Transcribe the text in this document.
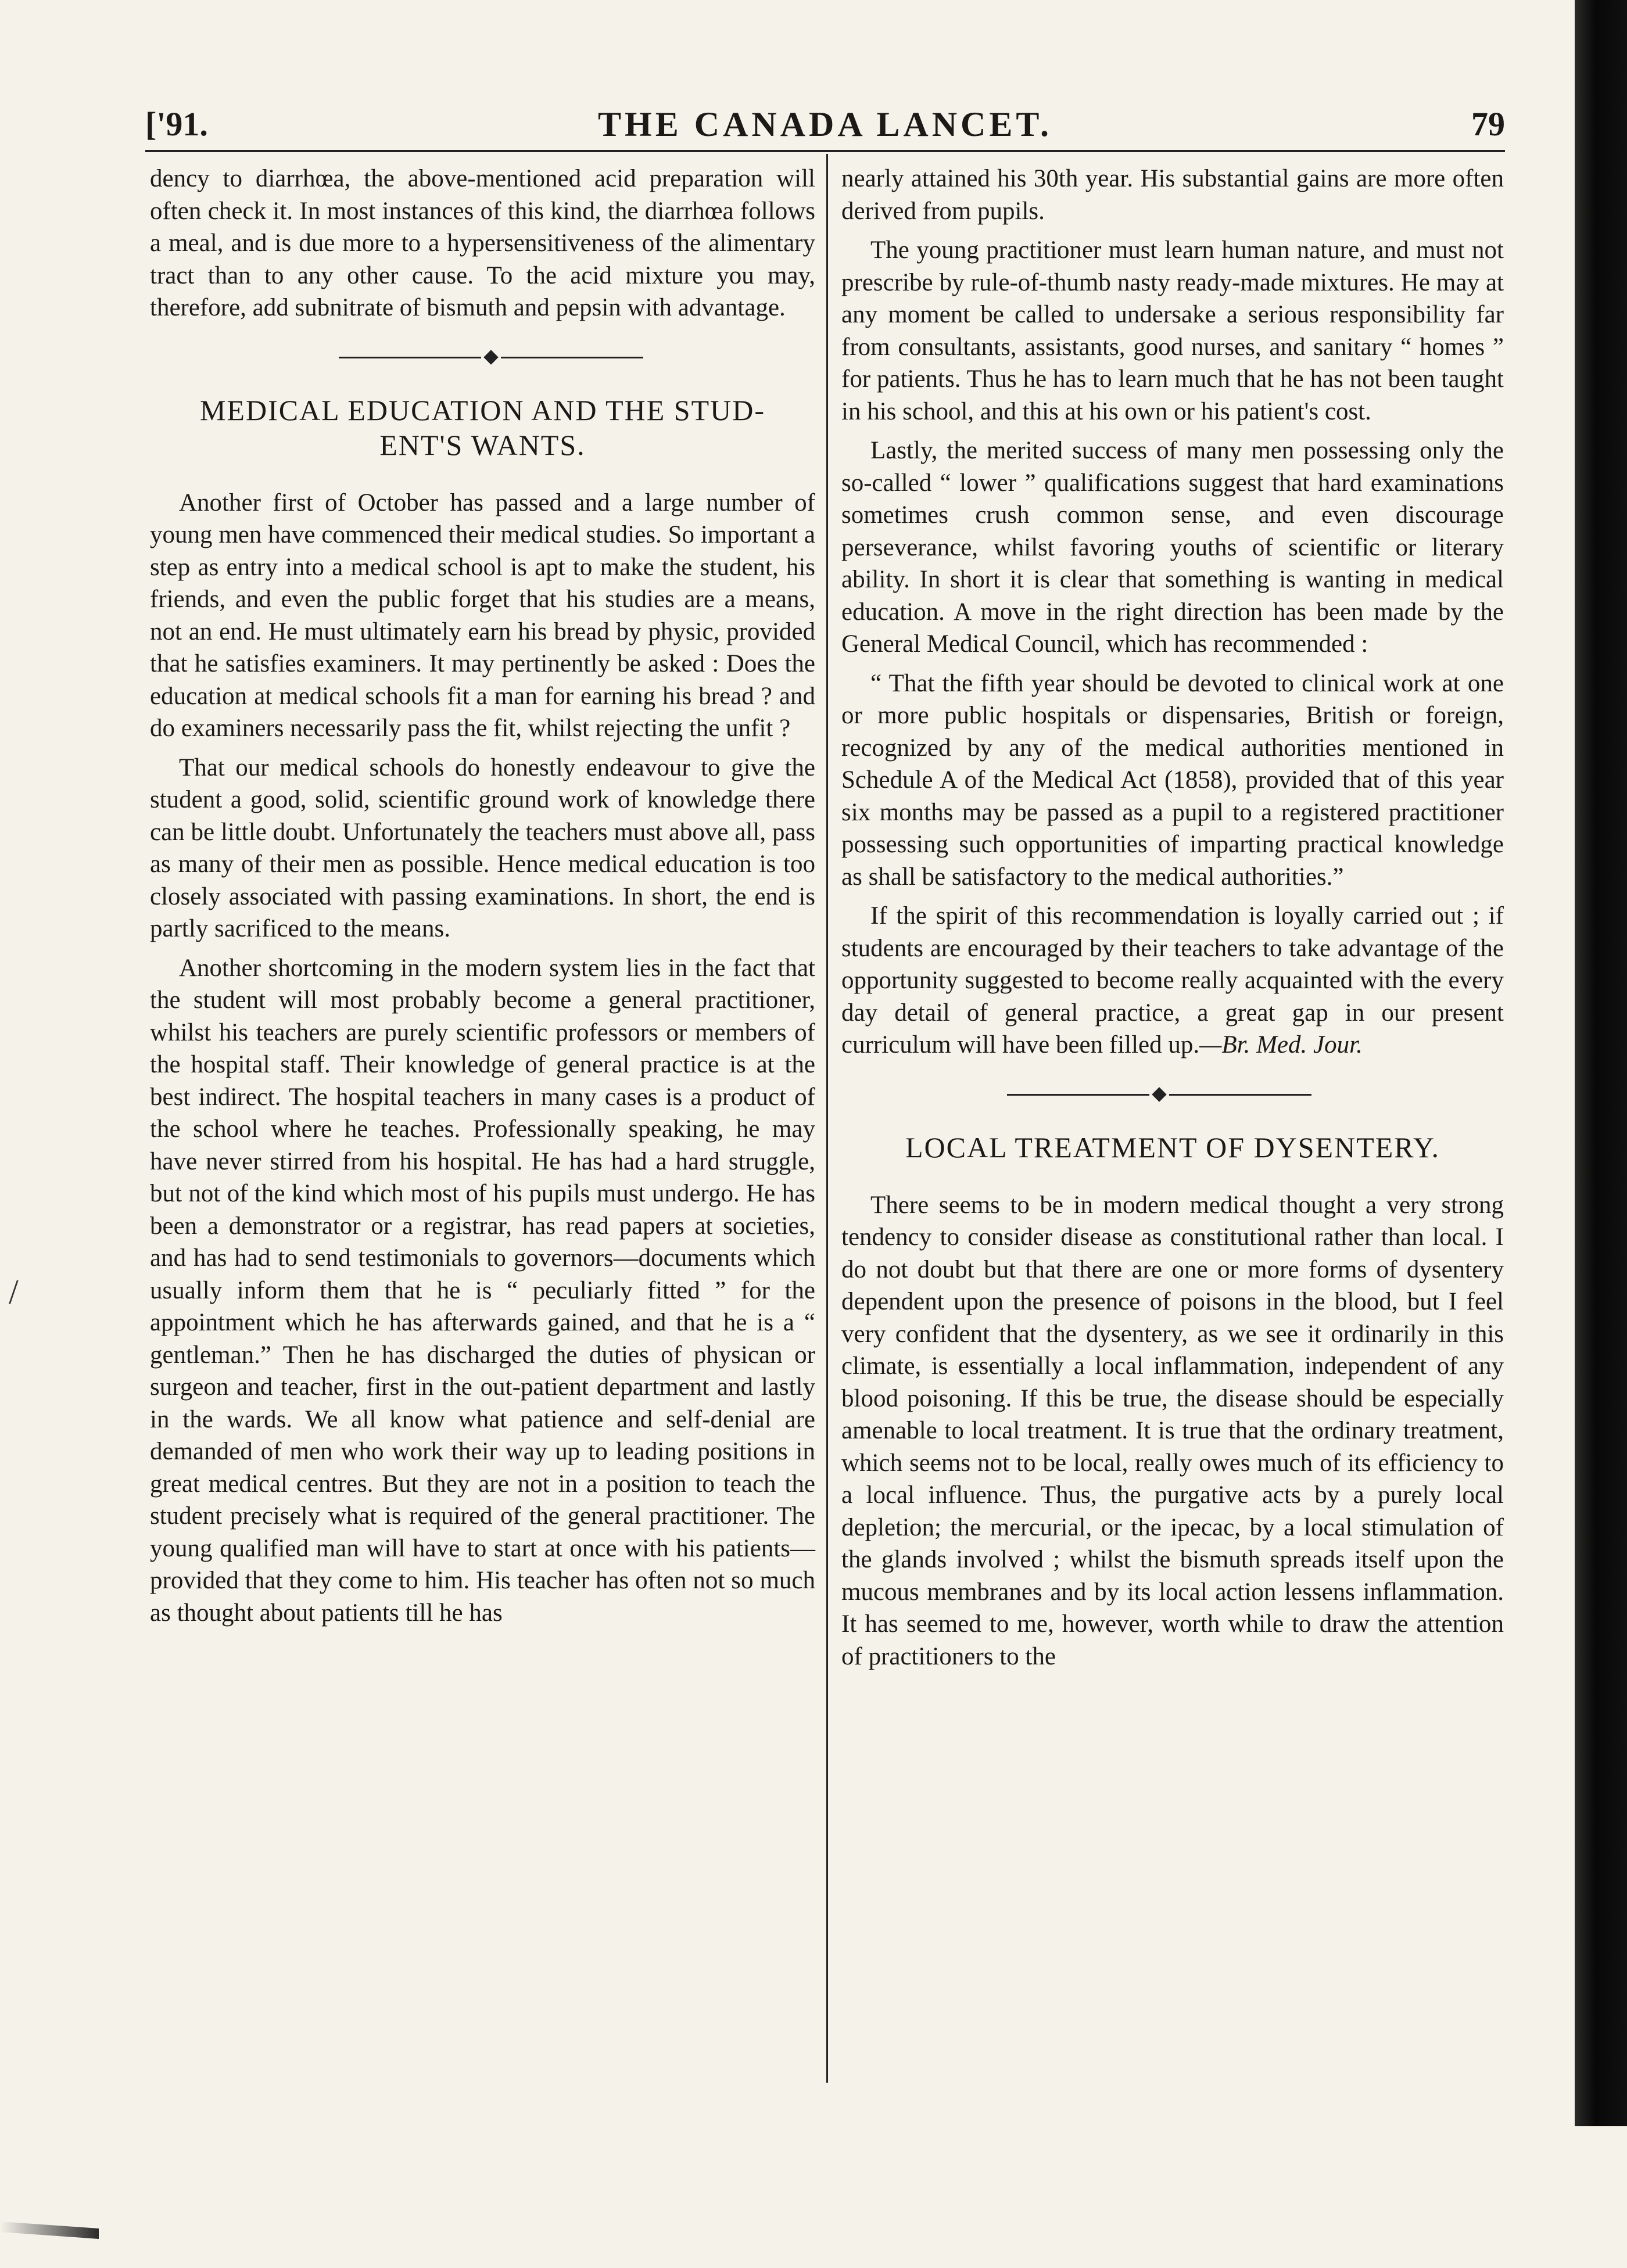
['91.	THE CANADA LANCET.	79

dency to diarrhœa, the above-mentioned acid preparation will often check it. In most instances of this kind, the diarrhœa follows a meal, and is due more to a hypersensitiveness of the alimentary tract than to any other cause. To the acid mixture you may, therefore, add subnitrate of bismuth and pepsin with advantage.

MEDICAL EDUCATION AND THE STUD-
ENT'S WANTS.

Another first of October has passed and a large number of young men have commenced their medical studies. So important a step as entry into a medical school is apt to make the student, his friends, and even the public forget that his studies are a means, not an end. He must ultimately earn his bread by physic, provided that he satisfies examiners. It may pertinently be asked : Does the education at medical schools fit a man for earning his bread ? and do examiners necessarily pass the fit, whilst rejecting the unfit ?

That our medical schools do honestly endeavour to give the student a good, solid, scientific ground work of knowledge there can be little doubt. Unfortunately the teachers must above all, pass as many of their men as possible. Hence medical education is too closely associated with passing examinations. In short, the end is partly sacrificed to the means.

Another shortcoming in the modern system lies in the fact that the student will most probably become a general practitioner, whilst his teachers are purely scientific professors or members of the hospital staff. Their knowledge of general practice is at the best indirect. The hospital teachers in many cases is a product of the school where he teaches. Professionally speaking, he may have never stirred from his hospital. He has had a hard struggle, but not of the kind which most of his pupils must undergo. He has been a demonstrator or a registrar, has read papers at societies, and has had to send testimonials to governors—documents which usually inform them that he is “ peculiarly fitted ” for the appointment which he has afterwards gained, and that he is a “ gentleman.” Then he has discharged the duties of physican or surgeon and teacher, first in the out-patient department and lastly in the wards. We all know what patience and self-denial are demanded of men who work their way up to leading positions in great medical centres. But they are not in a position to teach the student precisely what is required of the general practitioner. The young qualified man will have to start at once with his patients—provided that they come to him. His teacher has often not so much as thought about patients till he has

nearly attained his 30th year. His substantial gains are more often derived from pupils.

The young practitioner must learn human nature, and must not prescribe by rule-of-thumb nasty ready-made mixtures. He may at any moment be called to undersake a serious responsibility far from consultants, assistants, good nurses, and sanitary “ homes ” for patients. Thus he has to learn much that he has not been taught in his school, and this at his own or his patient's cost.

Lastly, the merited success of many men possessing only the so-called “ lower ” qualifications suggest that hard examinations sometimes crush common sense, and even discourage perseverance, whilst favoring youths of scientific or literary ability. In short it is clear that something is wanting in medical education. A move in the right direction has been made by the General Medical Council, which has recommended :

“ That the fifth year should be devoted to clinical work at one or more public hospitals or dispensaries, British or foreign, recognized by any of the medical authorities mentioned in Schedule A of the Medical Act (1858), provided that of this year six months may be passed as a pupil to a registered practitioner possessing such opportunities of imparting practical knowledge as shall be satisfactory to the medical authorities.”

If the spirit of this recommendation is loyally carried out ; if students are encouraged by their teachers to take advantage of the opportunity suggested to become really acquainted with the every day detail of general practice, a great gap in our present curriculum will have been filled up.—Br. Med. Jour.

LOCAL TREATMENT OF DYSENTERY.

There seems to be in modern medical thought a very strong tendency to consider disease as constitutional rather than local. I do not doubt but that there are one or more forms of dysentery dependent upon the presence of poisons in the blood, but I feel very confident that the dysentery, as we see it ordinarily in this climate, is essentially a local inflammation, independent of any blood poisoning. If this be true, the disease should be especially amenable to local treatment. It is true that the ordinary treatment, which seems not to be local, really owes much of its efficiency to a local influence. Thus, the purgative acts by a purely local depletion; the mercurial, or the ipecac, by a local stimulation of the glands involved ; whilst the bismuth spreads itself upon the mucous membranes and by its local action lessens inflammation. It has seemed to me, however, worth while to draw the attention of practitioners to the

/
